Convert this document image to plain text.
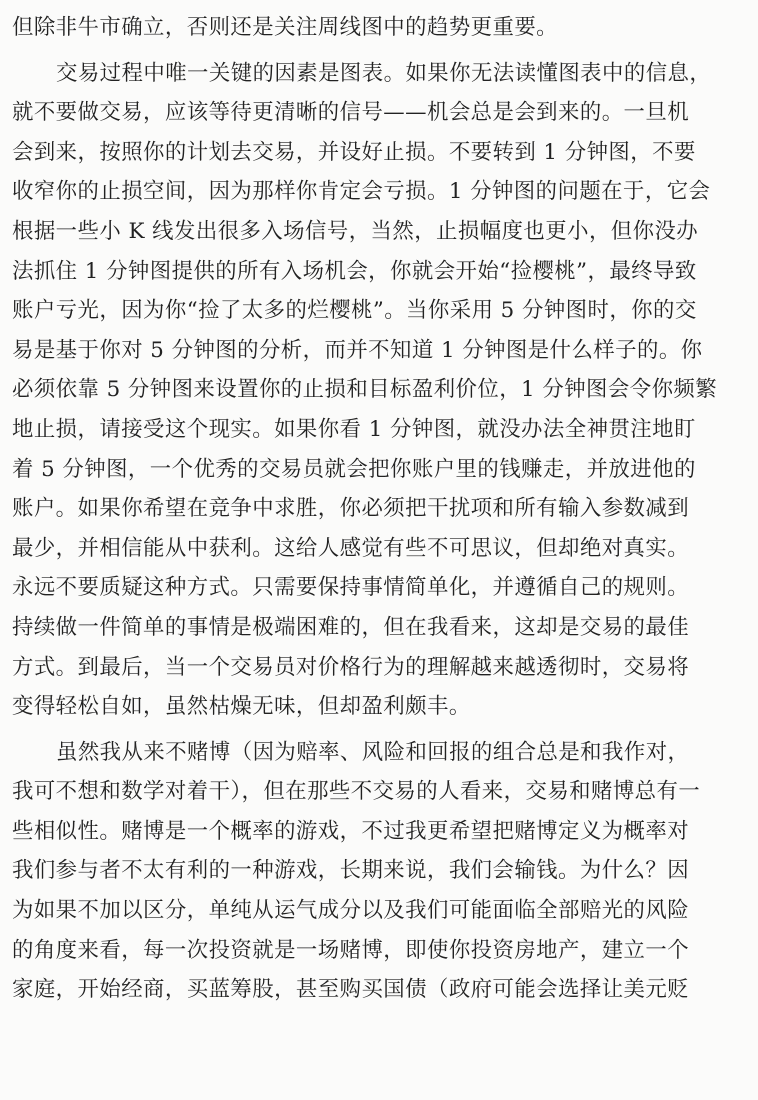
但除非牛市确立，否则还是关注周线图中的趋势更重要。
交易过程中唯一关键的因素是图表。如果你无法读懂图表中的信息，
就不要做交易，应该等待更清晰的信号——机会总是会到来的。一旦机
会到来，按照你的计划去交易，并设好止损。不要转到 1 分钟图，不要
收窄你的止损空间，因为那样你肯定会亏损。1 分钟图的问题在于，它会
根据一些小 K 线发出很多入场信号，当然，止损幅度也更小，但你没办
法抓住 1 分钟图提供的所有入场机会，你就会开始“捡樱桃”，最终导致
账户亏光，因为你“捡了太多的烂樱桃”。当你采用 5 分钟图时，你的交
易是基于你对 5 分钟图的分析，而并不知道 1 分钟图是什么样子的。你
必须依靠 5 分钟图来设置你的止损和目标盈利价位，1 分钟图会令你频繁
地止损，请接受这个现实。如果你看 1 分钟图，就没办法全神贯注地盯
着 5 分钟图，一个优秀的交易员就会把你账户里的钱赚走，并放进他的
账户。如果你希望在竞争中求胜，你必须把干扰项和所有输入参数减到
最少，并相信能从中获利。这给人感觉有些不可思议，但却绝对真实。
永远不要质疑这种方式。只需要保持事情简单化，并遵循自己的规则。
持续做一件简单的事情是极端困难的，但在我看来，这却是交易的最佳
方式。到最后，当一个交易员对价格行为的理解越来越透彻时，交易将
变得轻松自如，虽然枯燥无味，但却盈利颇丰。
虽然我从来不赌博（因为赔率、风险和回报的组合总是和我作对，
我可不想和数学对着干），但在那些不交易的人看来，交易和赌博总有一
些相似性。赌博是一个概率的游戏，不过我更希望把赌博定义为概率对
我们参与者不太有利的一种游戏，长期来说，我们会输钱。为什么？因
为如果不加以区分，单纯从运气成分以及我们可能面临全部赔光的风险
的角度来看，每一次投资就是一场赌博，即使你投资房地产，建立一个
家庭，开始经商，买蓝筹股，甚至购买国债（政府可能会选择让美元贬
